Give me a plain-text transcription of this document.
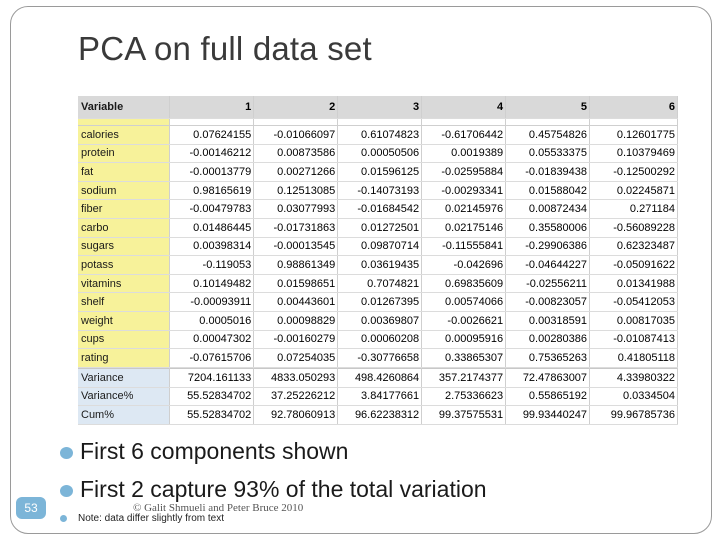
PCA on full data set
Variable	1	2	3	4	5	6

calories	0.07624155	-0.01066097	0.61074823	-0.61706442	0.45754826	0.12601775
protein	-0.00146212	0.00873586	0.00050506	0.0019389	0.05533375	0.10379469
fat	-0.00013779	0.00271266	0.01596125	-0.02595884	-0.01839438	-0.12500292
sodium	0.98165619	0.12513085	-0.14073193	-0.00293341	0.01588042	0.02245871
fiber	-0.00479783	0.03077993	-0.01684542	0.02145976	0.00872434	0.271184
carbo	0.01486445	-0.01731863	0.01272501	0.02175146	0.35580006	-0.56089228
sugars	0.00398314	-0.00013545	0.09870714	-0.11555841	-0.29906386	0.62323487
potass	-0.119053	0.98861349	0.03619435	-0.042696	-0.04644227	-0.05091622
vitamins	0.10149482	0.01598651	0.7074821	0.69835609	-0.02556211	0.01341988
shelf	-0.00093911	0.00443601	0.01267395	0.00574066	-0.00823057	-0.05412053
weight	0.0005016	0.00098829	0.00369807	-0.0026621	0.00318591	0.00817035
cups	0.00047302	-0.00160279	0.00060208	0.00095916	0.00280386	-0.01087413
rating	-0.07615706	0.07254035	-0.30776658	0.33865307	0.75365263	0.41805118
Variance	7204.161133	4833.050293	498.4260864	357.2174377	72.47863007	4.33980322
Variance%	55.52834702	37.25226212	3.84177661	2.75336623	0.55865192	0.0334504
Cum%	55.52834702	92.78060913	96.62238312	99.37575531	99.93440247	99.96785736
First 6 components shown
First 2 capture 93% of the total variation
© Galit Shmueli and Peter Bruce 2010
Note: data differ slightly from text
53
